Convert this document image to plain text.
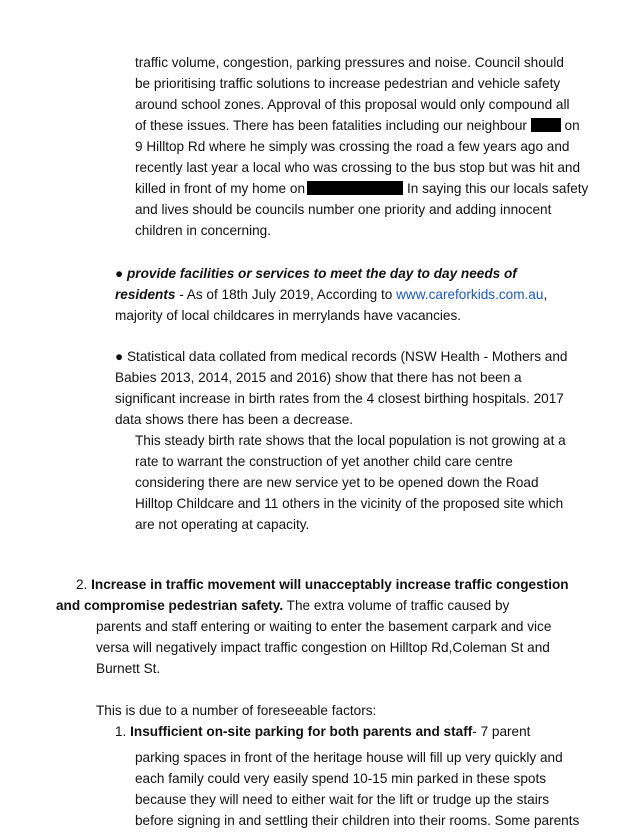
traffic volume, congestion, parking pressures and noise. Council should
be prioritising traffic solutions to increase pedestrian and vehicle safety
around school zones. Approval of this proposal would only compound all
of these issues. There has been fatalities including our neighbour	on
9 Hilltop Rd where he simply was crossing the road a few years ago and
recently last year a local who was crossing to the bus stop but was hit and
killed in front of my home on	In saying this our locals safety
and lives should be councils number one priority and adding innocent
children in concerning.
● provide facilities or services to meet the day to day needs of
residents - As of 18th July 2019, According to www.careforkids.com.au,
majority of local childcares in merrylands have vacancies.
● Statistical data collated from medical records (NSW Health - Mothers and
Babies 2013, 2014, 2015 and 2016) show that there has not been a
significant increase in birth rates from the 4 closest birthing hospitals. 2017
data shows there has been a decrease.
This steady birth rate shows that the local population is not growing at a
rate to warrant the construction of yet another child care centre
considering there are new service yet to be opened down the Road
Hilltop Childcare and 11 others in the vicinity of the proposed site which
are not operating at capacity.
2. Increase in traffic movement will unacceptably increase traffic congestion
and compromise pedestrian safety. The extra volume of traffic caused by
parents and staff entering or waiting to enter the basement carpark and vice
versa will negatively impact traffic congestion on Hilltop Rd,Coleman St and
Burnett St.
This is due to a number of foreseeable factors:
1. Insufficient on-site parking for both parents and staff- 7 parent
parking spaces in front of the heritage house will fill up very quickly and
each family could very easily spend 10-15 min parked in these spots
because they will need to either wait for the lift or trudge up the stairs
before signing in and settling their children into their rooms. Some parents
